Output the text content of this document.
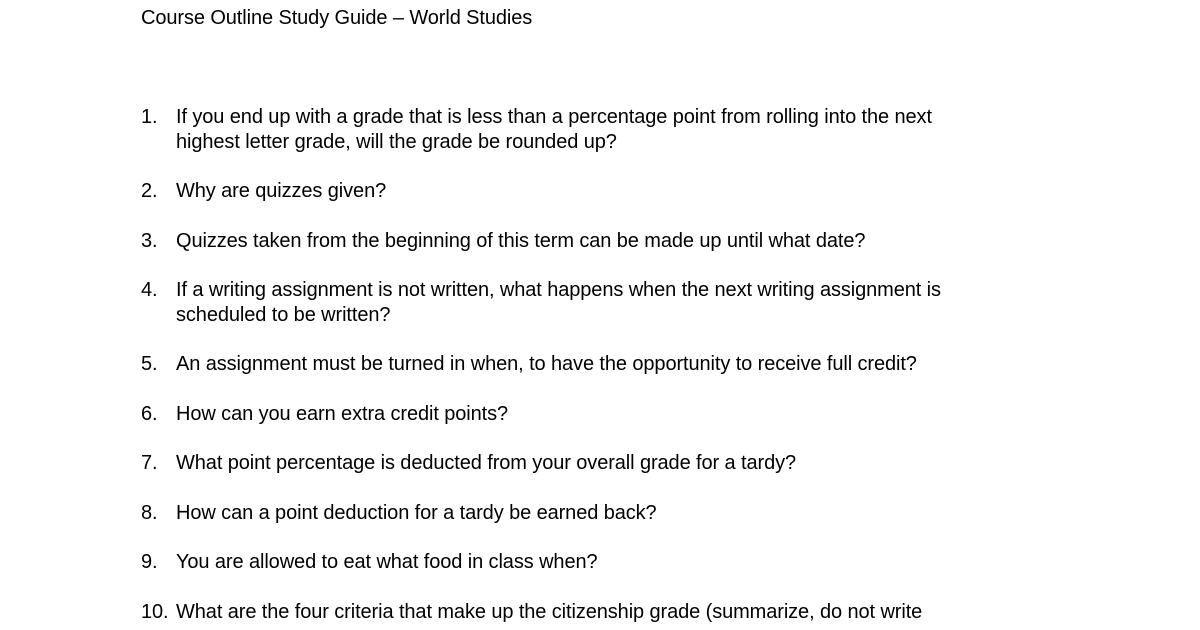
Course Outline Study Guide – World Studies
1. If you end up with a grade that is less than a percentage point from rolling into the next
highest letter grade, will the grade be rounded up?
2. Why are quizzes given?
3. Quizzes taken from the beginning of this term can be made up until what date?
4. If a writing assignment is not written, what happens when the next writing assignment is
scheduled to be written?
5. An assignment must be turned in when, to have the opportunity to receive full credit?
6. How can you earn extra credit points?
7. What point percentage is deducted from your overall grade for a tardy?
8. How can a point deduction for a tardy be earned back?
9. You are allowed to eat what food in class when?
10. What are the four criteria that make up the citizenship grade (summarize, do not write
